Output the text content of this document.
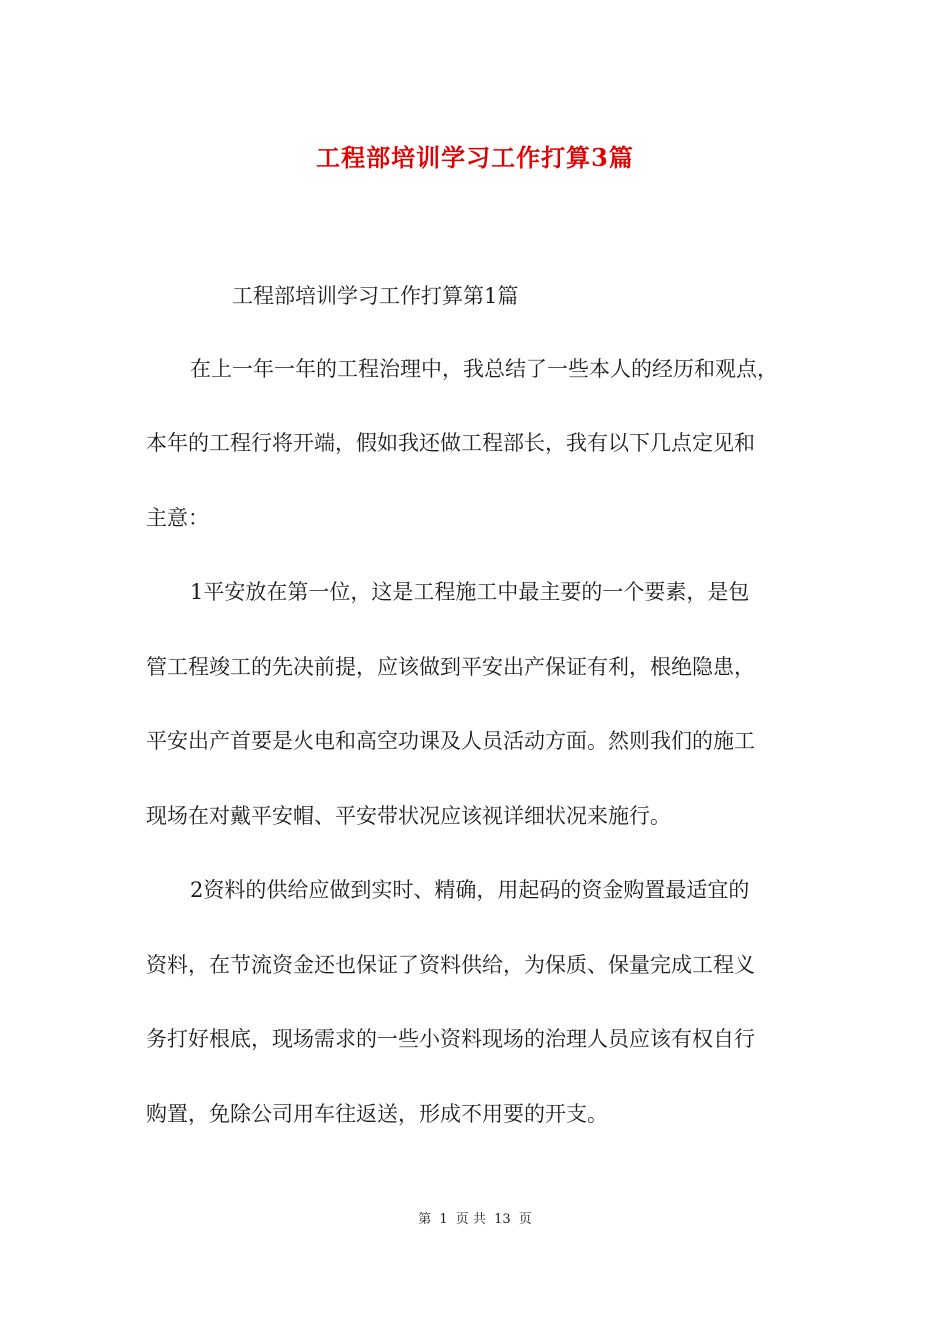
工程部培训学习工作打算3篇

工程部培训学习工作打算第1篇

在上一年一年的工程治理中，我总结了一些本人的经历和观点，

本年的工程行将开端，假如我还做工程部长，我有以下几点定见和

主意：

1平安放在第一位，这是工程施工中最主要的一个要素，是包

管工程竣工的先决前提，应该做到平安出产保证有利，根绝隐患，

平安出产首要是火电和高空功课及人员活动方面。然则我们的施工

现场在对戴平安帽、平安带状况应该视详细状况来施行。

2资料的供给应做到实时、精确，用起码的资金购置最适宜的

资料，在节流资金还也保证了资料供给，为保质、保量完成工程义

务打好根底，现场需求的一些小资料现场的治理人员应该有权自行

购置，免除公司用车往返送，形成不用要的开支。

第 1 页 共 13 页
